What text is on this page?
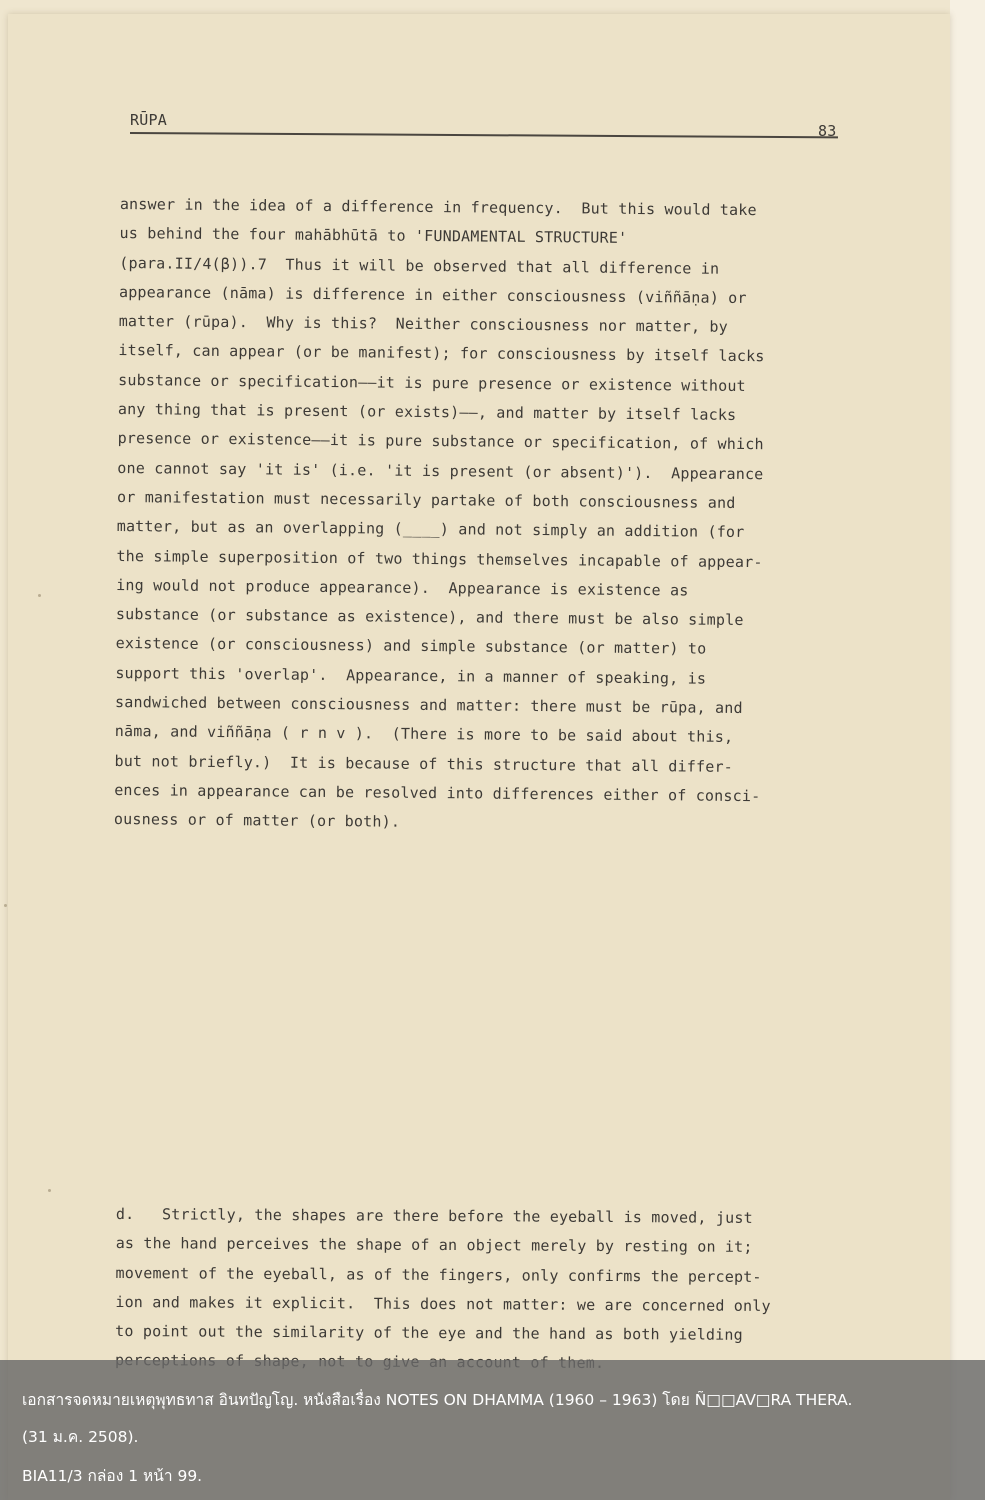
RŪPA
83
answer in the idea of a difference in frequency.  But this would take
us behind the four mahābhūtā to 'FUNDAMENTAL STRUCTURE'
(para.II/4(β)).7  Thus it will be observed that all difference in
appearance (nāma) is difference in either consciousness (viññāṇa) or
matter (rūpa).  Why is this?  Neither consciousness nor matter, by
itself, can appear (or be manifest); for consciousness by itself lacks
substance or specification——it is pure presence or existence without
any thing that is present (or exists)——, and matter by itself lacks
presence or existence——it is pure substance or specification, of which
one cannot say 'it is' (i.e. 'it is present (or absent)').  Appearance
or manifestation must necessarily partake of both consciousness and
matter, but as an overlapping (____) and not simply an addition (for
the simple superposition of two things themselves incapable of appear-
ing would not produce appearance).  Appearance is existence as
substance (or substance as existence), and there must be also simple
existence (or consciousness) and simple substance (or matter) to
support this 'overlap'.  Appearance, in a manner of speaking, is
sandwiched between consciousness and matter: there must be rūpa, and
nāma, and viññāṇa ( r n v ).  (There is more to be said about this,
but not briefly.)  It is because of this structure that all differ-
ences in appearance can be resolved into differences either of consci-
ousness or of matter (or both).
d.   Strictly, the shapes are there before the eyeball is moved, just
as the hand perceives the shape of an object merely by resting on it;
movement of the eyeball, as of the fingers, only confirms the percept-
ion and makes it explicit.  This does not matter: we are concerned only
to point out the similarity of the eye and the hand as both yielding
เอกสารจดหมายเหตุพุทธทาส อินทปัญโญ. หนังสือเรื่อง NOTES ON DHAMMA (1960 – 1963) โดย Ñ□□AV□RA THERA.
(31 ม.ค. 2508).
BIA11/3 กล่อง 1 หน้า 99.
